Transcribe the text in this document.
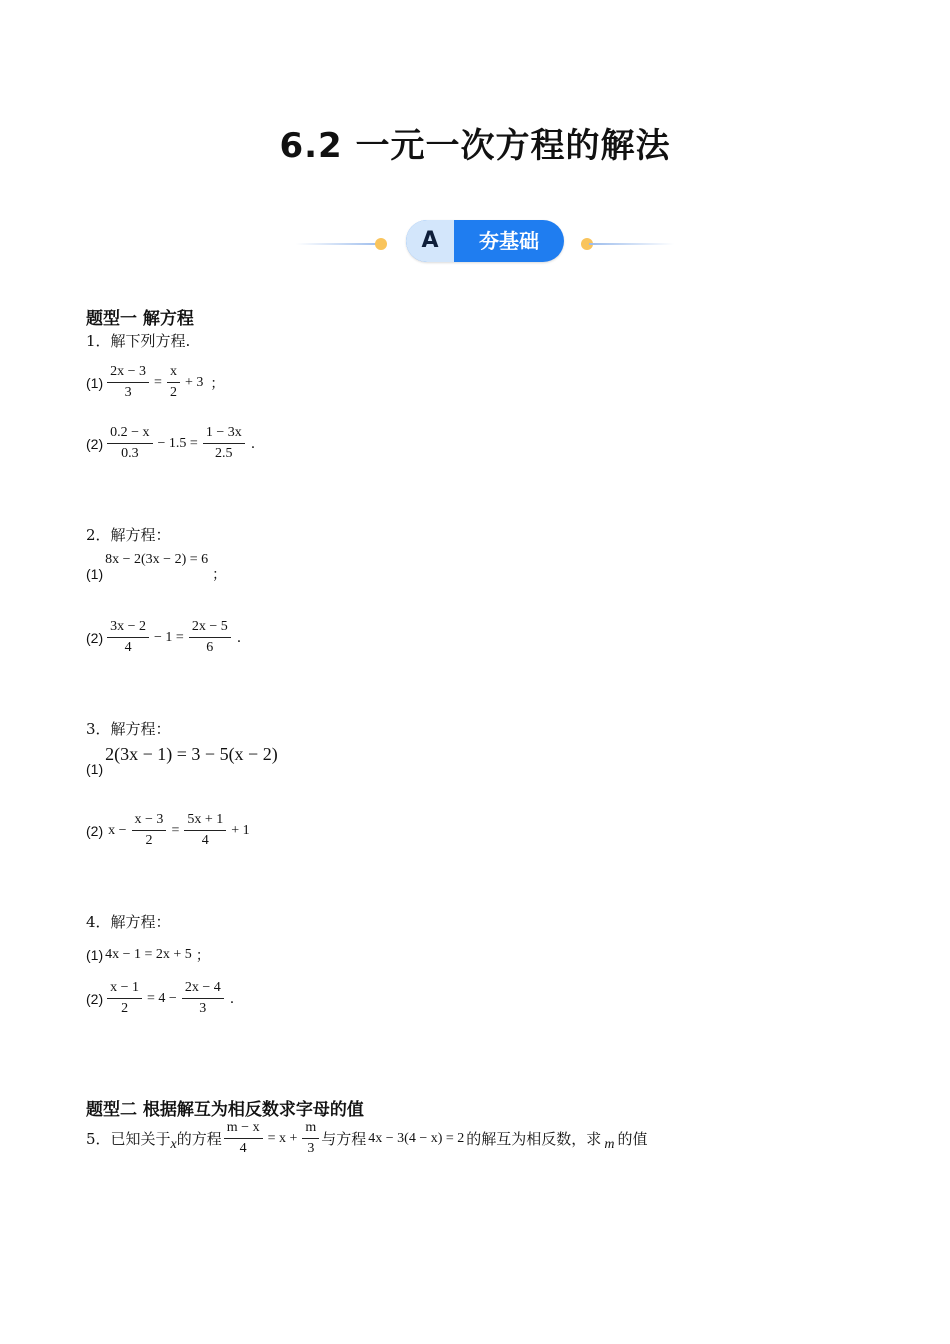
6.2 一元一次方程的解法
A	夯基础
题型一 解方程
1．解下列方程.
$(1) \frac{2x - 3}{3} = \frac{x}{2} + 3$ ；
$(2) \frac{0.2 - x}{0.3} - 1.5 = \frac{1 - 3x}{2.5}$ .
2．解方程：
(1)
8x − 2(3x − 2) = 6
；
$(2) \frac{3x - 2}{4} - 1 = \frac{2x - 5}{6}$ .
3．解方程：
(1)
2(3x − 1) = 3 − 5(x − 2)
(2) $x - \frac{x - 3}{2} = \frac{5x + 1}{4} + 1$
4．解方程：
(1) 4x − 1 = 2x + 5 ；
$(2) \frac{x - 1}{2} = 4 - \frac{2x - 4}{3}$ .
题型二 根据解互为相反数求字母的值
5．已知关于 x 的方程 $\frac{m - x}{4} = x + \frac{m}{3}$ 与方程 4x − 3(4 − x) = 2 的解互为相反数，求 m 的值
